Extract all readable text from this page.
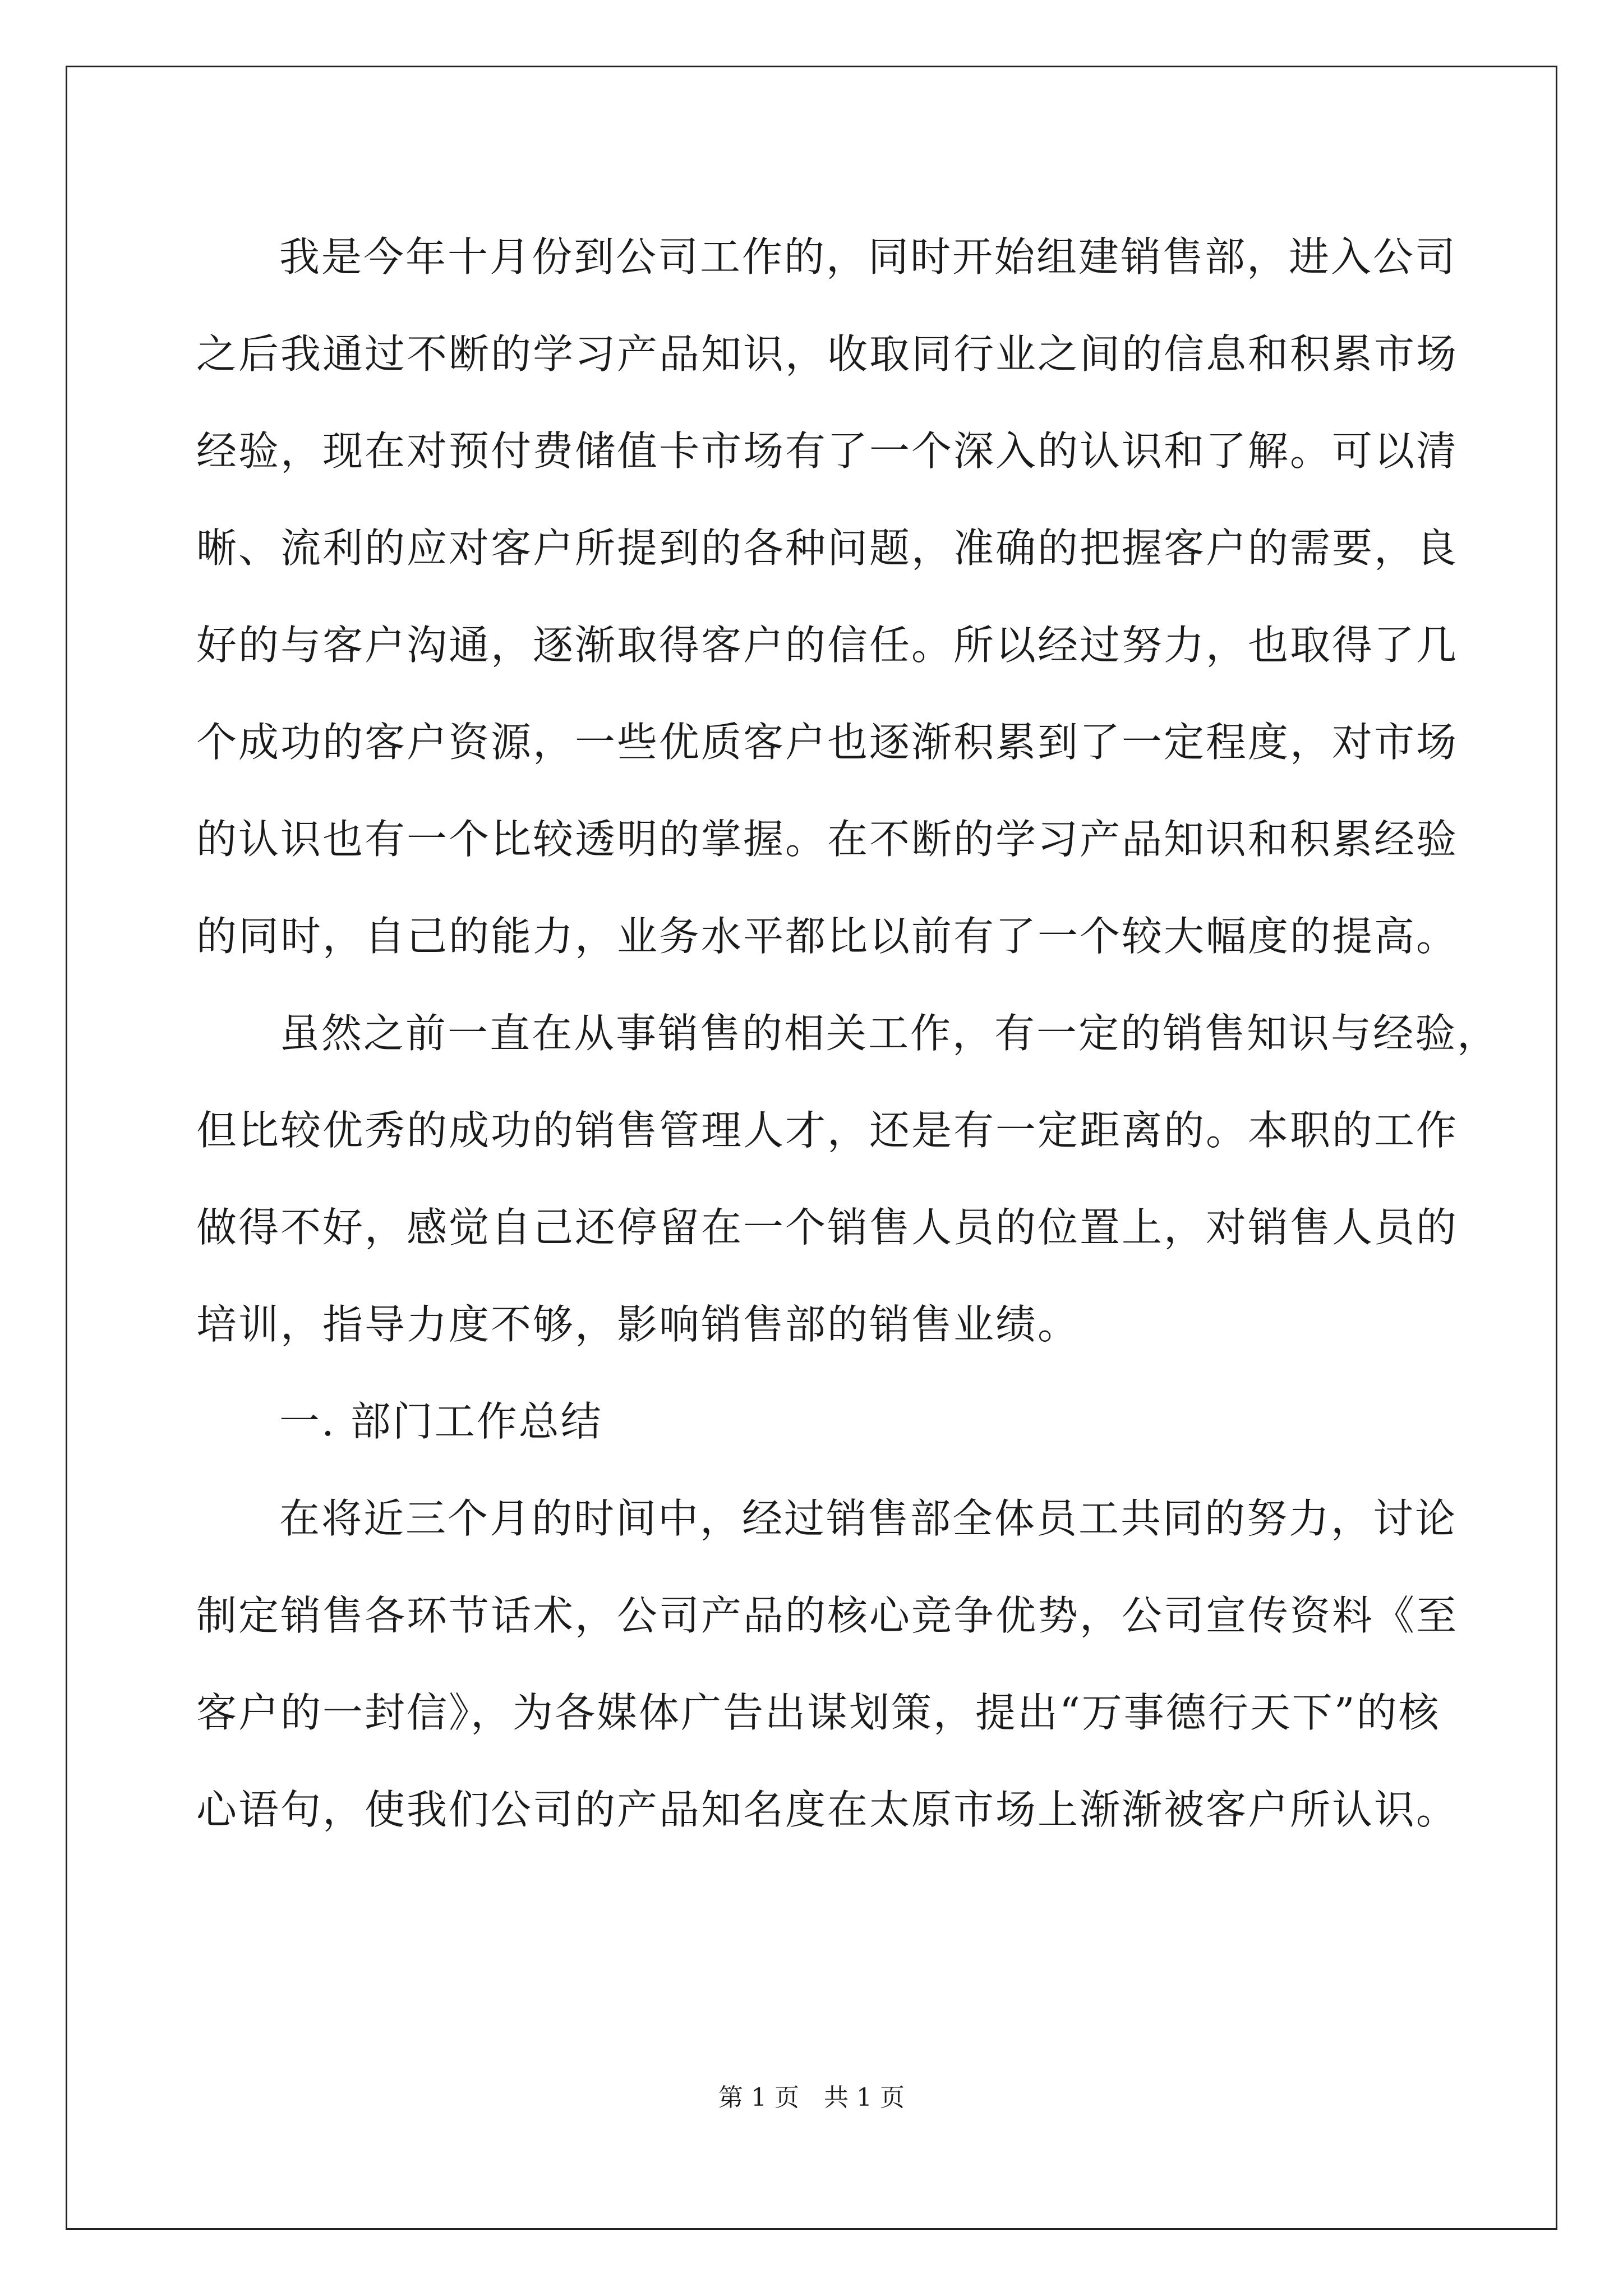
我是今年十月份到公司工作的，同时开始组建销售部，进入公司
之后我通过不断的学习产品知识，收取同行业之间的信息和积累市场
经验，现在对预付费储值卡市场有了一个深入的认识和了解。可以清
晰、流利的应对客户所提到的各种问题，准确的把握客户的需要，良
好的与客户沟通，逐渐取得客户的信任。所以经过努力，也取得了几
个成功的客户资源，一些优质客户也逐渐积累到了一定程度，对市场
的认识也有一个比较透明的掌握。在不断的学习产品知识和积累经验
的同时，自己的能力，业务水平都比以前有了一个较大幅度的提高。
虽然之前一直在从事销售的相关工作，有一定的销售知识与经验，
但比较优秀的成功的销售管理人才，还是有一定距离的。本职的工作
做得不好，感觉自己还停留在一个销售人员的位置上，对销售人员的
培训，指导力度不够，影响销售部的销售业绩。
一. 部门工作总结
在将近三个月的时间中，经过销售部全体员工共同的努力，讨论
制定销售各环节话术，公司产品的核心竞争优势，公司宣传资料《至
客户的一封信》，为各媒体广告出谋划策，提出“万事德行天下”的核
心语句，使我们公司的产品知名度在太原市场上渐渐被客户所认识。
第 1 页 共 1 页
